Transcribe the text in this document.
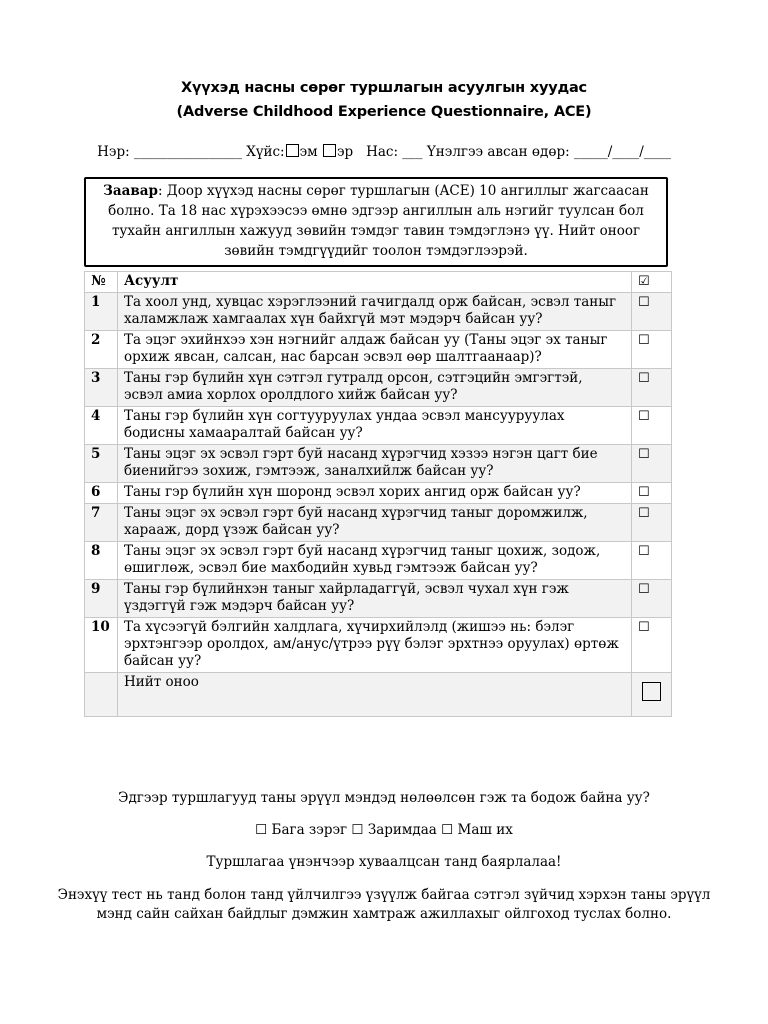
Хүүхэд насны сөрөг туршлагын асуулгын хуудас
(Adverse Childhood Experience Questionnaire, ACE)
Нэр: ________________ Хүйс: эм эр Нас: ___ Үнэлгээ авсан өдөр: _____/____/____
Заавар: Доор хүүхэд насны сөрөг туршлагын (ACE) 10 ангиллыг жагсаасан болно. Та 18 нас хүрэхээсээ өмнө эдгээр ангиллын аль нэгийг туулсан бол тухайн ангиллын хажууд зөвийн тэмдэг тавин тэмдэглэнэ үү. Нийт оноог зөвийн тэмдгүүдийг тоолон тэмдэглээрэй.
№	Асуулт	☑
1	Та хоол унд, хувцас хэрэглээний гачигдалд орж байсан, эсвэл таныг халамжлаж хамгаалах хүн байхгүй мэт мэдэрч байсан уу?	☐
2	Та эцэг эхийнхээ хэн нэгнийг алдаж байсан уу (Таны эцэг эх таныг орхиж явсан, салсан, нас барсан эсвэл өөр шалтгаанаар)?	☐
3	Таны гэр бүлийн хүн сэтгэл гутралд орсон, сэтгэцийн эмгэгтэй, эсвэл амиа хорлох оролдлого хийж байсан уу?	☐
4	Таны гэр бүлийн хүн согтууруулах ундаа эсвэл мансууруулах бодисны хамааралтай байсан уу?	☐
5	Таны эцэг эх эсвэл гэрт буй насанд хүрэгчид хэзээ нэгэн цагт бие биенийгээ зохиж, гэмтээж, заналхийлж байсан уу?	☐
6	Таны гэр бүлийн хүн шоронд эсвэл хорих ангид орж байсан уу?	☐
7	Таны эцэг эх эсвэл гэрт буй насанд хүрэгчид таныг доромжилж, харааж, дорд үзэж байсан уу?	☐
8	Таны эцэг эх эсвэл гэрт буй насанд хүрэгчид таныг цохиж, зодож, өшиглөж, эсвэл бие махбодийн хувьд гэмтээж байсан уу?	☐
9	Таны гэр бүлийнхэн таныг хайрладаггүй, эсвэл чухал хүн гэж үздэггүй гэж мэдэрч байсан уу?	☐
10	Та хүсээгүй бэлгийн халдлага, хүчирхийлэлд (жишээ нь: бэлэг эрхтэнгээр оролдох, ам/анус/үтрээ рүү бэлэг эрхтнээ оруулах) өртөж байсан уу?	☐
	Нийт оноо	
Эдгээр туршлагууд таны эрүүл мэндэд нөлөөлсөн гэж та бодож байна уу?
☐ Бага зэрэг ☐ Заримдаа ☐ Маш их
Туршлагаа үнэнчээр хуваалцсан танд баярлалаа!
Энэхүү тест нь танд болон танд үйлчилгээ үзүүлж байгаа сэтгэл зүйчид хэрхэн таны эрүүл мэнд сайн сайхан байдлыг дэмжин хамтраж ажиллахыг ойлгоход туслах болно.
